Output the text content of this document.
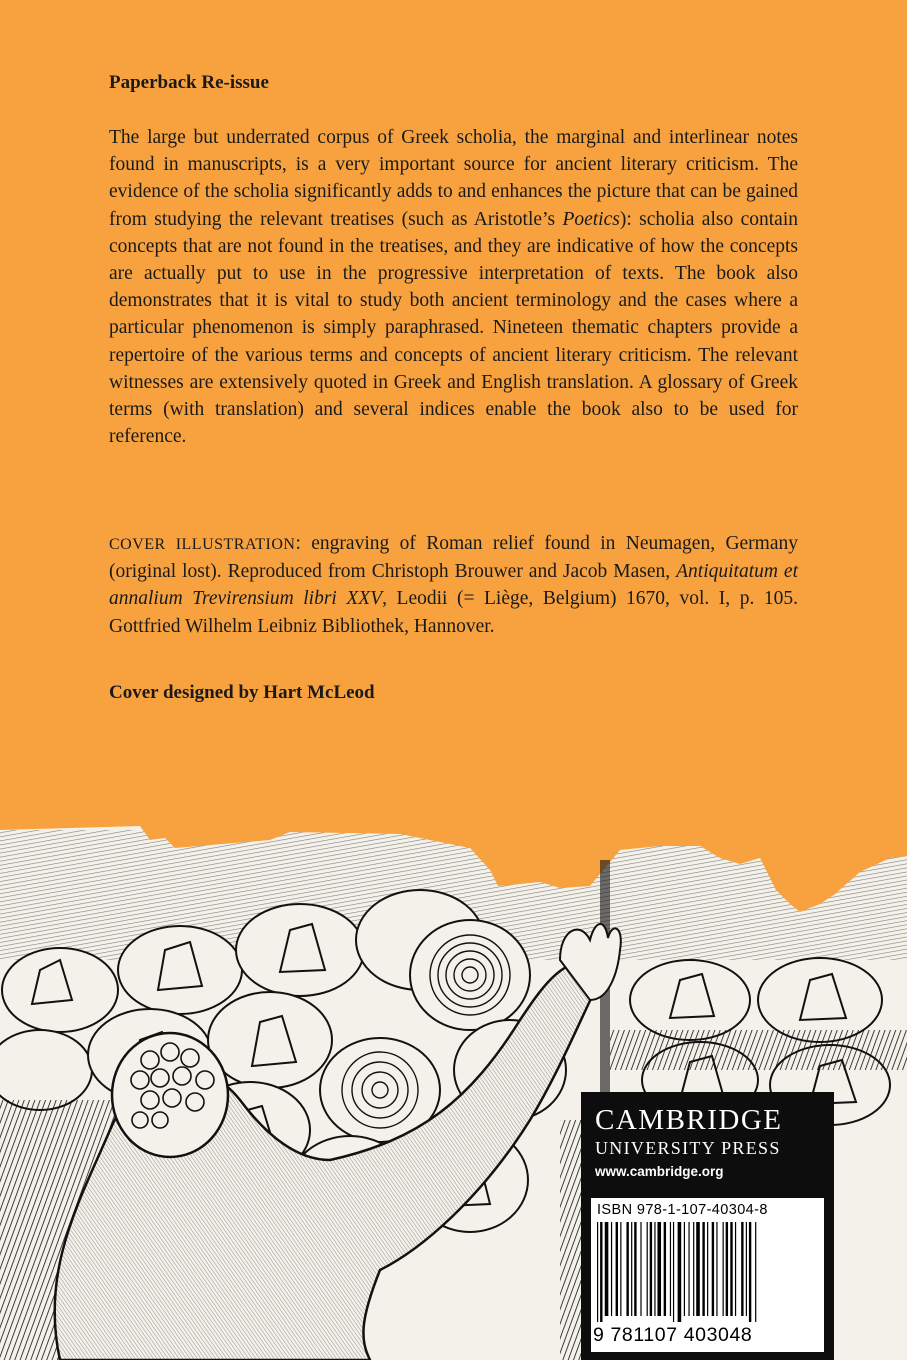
Paperback Re-issue

The large but underrated corpus of Greek scholia, the marginal and interlinear notes found in manuscripts, is a very important source for ancient literary criticism. The evidence of the scholia significantly adds to and enhances the picture that can be gained from studying the relevant treatises (such as Aristotle’s Poetics): scholia also contain concepts that are not found in the treatises, and they are indicative of how the concepts are actually put to use in the progressive interpretation of texts. The book also demonstrates that it is vital to study both ancient terminology and the cases where a particular phenomenon is simply paraphrased. Nineteen thematic chapters provide a repertoire of the various terms and concepts of ancient literary criticism. The relevant witnesses are extensively quoted in Greek and English translation. A glossary of Greek terms (with translation) and several indices enable the book also to be used for reference.

COVER ILLUSTRATION: engraving of Roman relief found in Neumagen, Germany (original lost). Reproduced from Christoph Brouwer and Jacob Masen, Antiquitatum et annalium Trevirensium libri XXV, Leodii (= Liège, Belgium) 1670, vol. I, p. 105. Gottfried Wilhelm Leibniz Bibliothek, Hannover.

Cover designed by Hart McLeod

CAMBRIDGE

UNIVERSITY PRESS

www.cambridge.org

ISBN 978-1-107-40304-8

9 781107 403048
